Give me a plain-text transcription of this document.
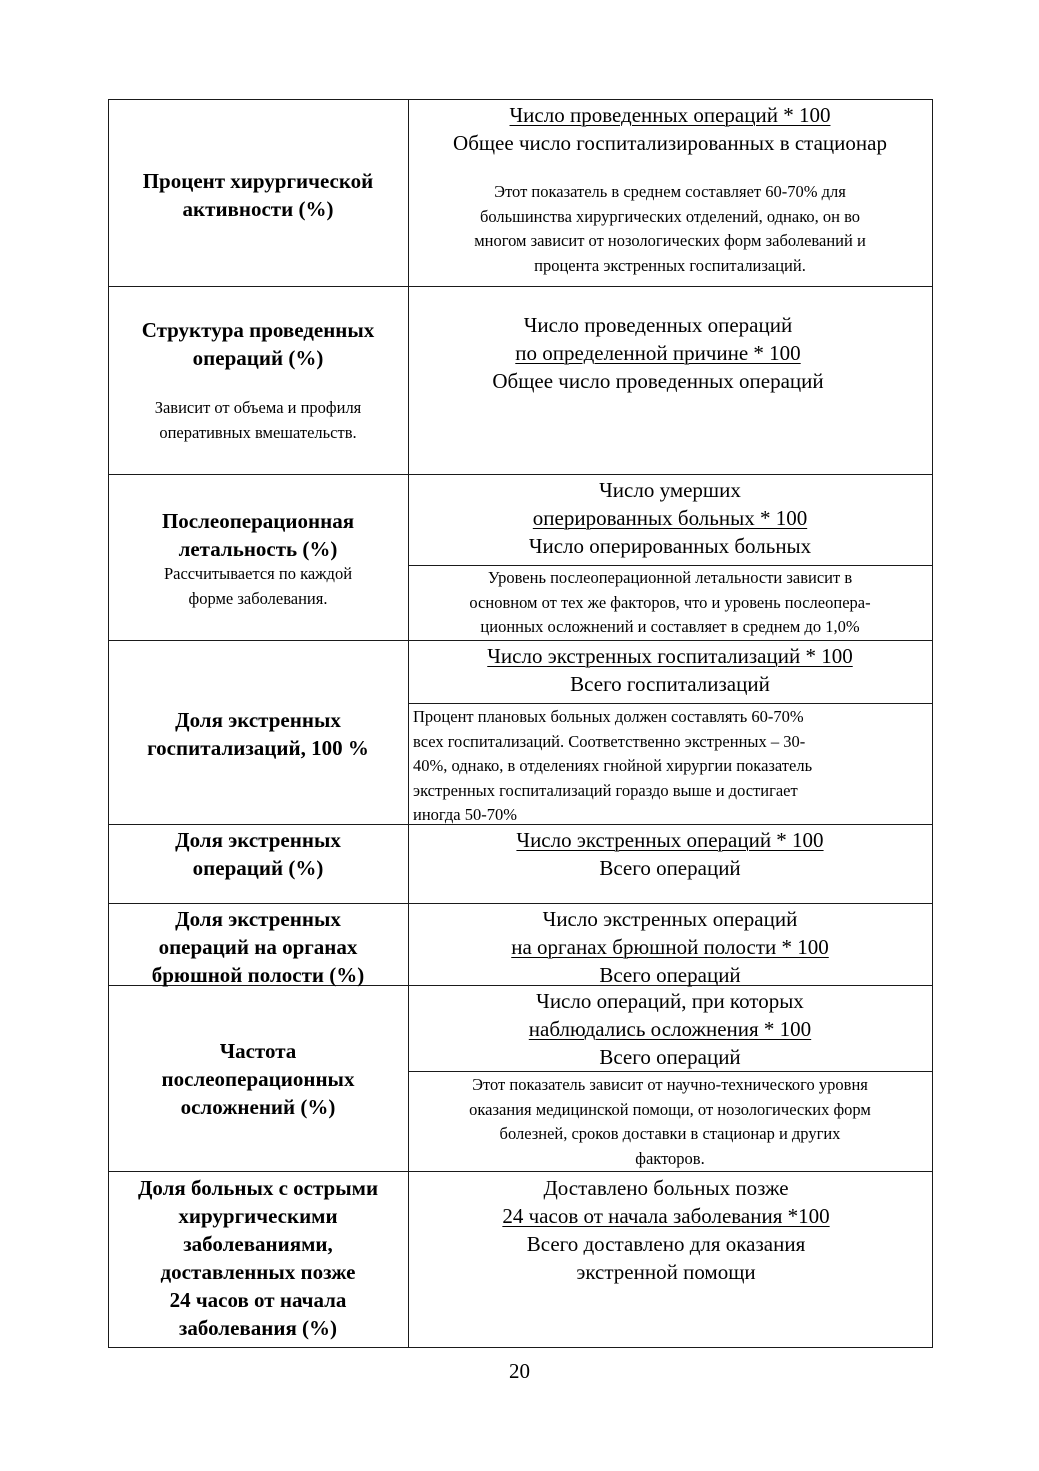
Процент хирургической
активности (%)
Число проведенных операций * 100
Общее число госпитализированных в стационар
Этот показатель в среднем составляет 60-70% для
большинства хирургических отделений, однако, он во
многом зависит от нозологических форм заболеваний и
процента экстренных госпитализаций.
Структура проведенных
операций (%)
Зависит от объема и профиля
оперативных вмешательств.
Число проведенных операций
по определенной причине * 100
Общее число проведенных операций
Послеоперационная
летальность (%)
Рассчитывается по каждой
форме заболевания.
Число умерших
оперированных больных * 100
Число оперированных больных
Уровень послеоперационной летальности зависит в
основном от тех же факторов, что и уровень послеопера-
ционных осложнений и составляет в среднем до 1,0%
Доля экстренных
госпитализаций, 100 %
Число экстренных госпитализаций * 100
Всего госпитализаций
Процент плановых больных должен составлять 60-70%
всех госпитализаций. Соответственно экстренных – 30-
40%, однако, в отделениях гнойной хирургии показатель
экстренных госпитализаций гораздо выше и достигает
иногда 50-70%
Доля экстренных
операций (%)
Число экстренных операций * 100
Всего операций
Доля экстренных
операций на органах
брюшной полости (%)
Число экстренных операций
на органах брюшной полости * 100
Всего операций
Частота
послеоперационных
осложнений (%)
Число операций, при которых
наблюдались осложнения * 100
Всего операций
Этот показатель зависит от научно-технического уровня
оказания медицинской помощи, от нозологических форм
болезней, сроков доставки в стационар и других
факторов.
Доля больных с острыми
хирургическими
заболеваниями,
доставленных позже
24 часов от начала
заболевания (%)
Доставлено больных позже
24 часов от начала заболевания *100
Всего доставлено для оказания
экстренной помощи
20
